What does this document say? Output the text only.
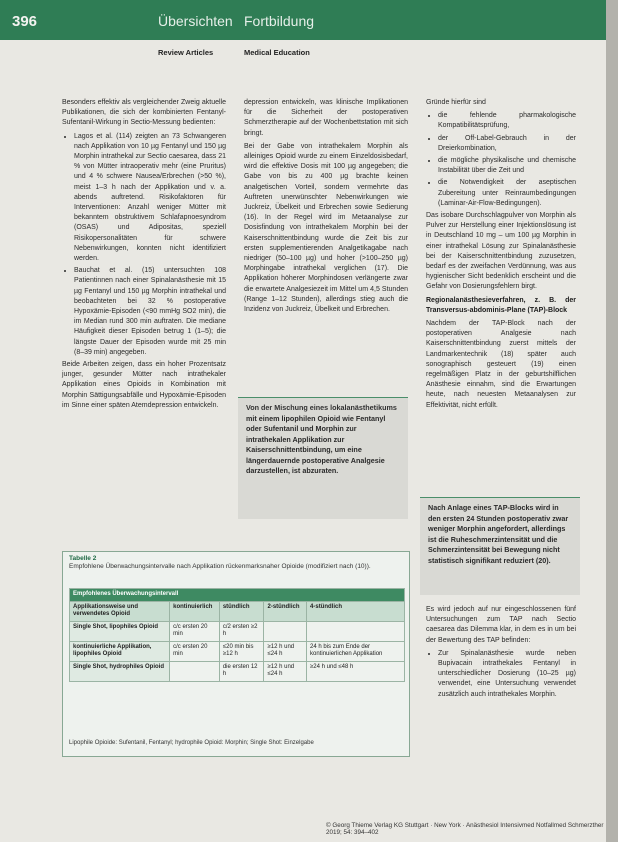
396	Übersichten Fortbildung
Review Articles	Medical Education

Besonders effektiv als vergleichender Zweig aktuelle Publikationen, die sich der kombinierten Fentanyl-Sufentanil-Wirkung in Sectio-Messung bedienten:

• Lagos et al. (114) zeigten an 73 Schwangeren nach Applikation von 10 µg Fentanyl und 150 µg Morphin intrathekal zur Sectio caesarea, dass 21 % von Mütter intraoperativ mehr (eine Pruritus) und 4 % schwere Nausea/Erbrechen (>50 %), meist 1–3 h nach der Applikation und v. a. abends auftretend. Risikofaktoren für Interventionen: Anzahl weniger Mütter mit bekanntem obstruktivem Schlafapnoesyndrom (OSAS) und Adipositas, speziell Risikopersonalitäten für schwere Nebenwirkungen, konnten nicht identifiziert werden.
• Bauchat et al. (15) untersuchten 108 Patientinnen nach einer Spinalanästhesie mit 15 µg Fentanyl und 150 µg Morphin intrathekal und beobachteten bei 32 % postoperative Hypoxämie-Episoden (<90 mmHg SO2 min), die im Median rund 300 min auftraten. Die mediane Häufigkeit dieser Episoden betrug 1 (1–5); die längste Dauer der Episoden wurde mit 25 min (8–39 min) angegeben.

Beide Arbeiten zeigen, dass ein hoher Prozentsatz junger, gesunder Mütter nach intrathekaler Applikation eines Opioids in Kombination mit Morphin Sättigungsabfälle und Hypoxämie-Episoden im Sinne einer späten Atemdepression entwickeln.

depression entwickeln, was klinische Implikationen für die Sicherheit der postoperativen Schmerztherapie auf der Wochenbettstation mit sich bringt.

Bei der Gabe von intrathekalem Morphin als alleiniges Opioid wurde zu einem Einzeldosisbedarf, wird die effektive Dosis mit 100 µg angegeben; die Gabe von bis zu 400 µg brachte keinen analgetischen Vorteil, sondern vermehrte das Auftreten unerwünschter Nebenwirkungen wie Juckreiz, Übelkeit und Erbrechen sowie Sedierung (16). In der Regel wird im Metaanalyse zur Dosisfindung von intrathekalem Morphin bei der Kaiserschnittentbindung wurde die Zeit bis zur ersten supplementierenden Analgetikagabe nach niedriger (50–100 µg) und hoher (>100–250 µg) Morphingabe intrathekal verglichen (17). Die Applikation höherer Morphindosen verlängerte zwar die erwartete Analgesiezeit im Mittel um 4,5 Stunden (Range 1–12 Stunden), allerdings stieg auch die Inzidenz von Juckreiz, Übelkeit und Erbrechen.

Von der Mischung eines lokalanästhetikums mit einem lipophilen Opioid wie Fentanyl oder Sufentanil und Morphin zur intrathekalen Applikation zur Kaiserschnittentbindung, um eine längerdauernde postoperative Analgesie darzustellen, ist abzuraten.

Gründe hierfür sind

• die fehlende pharmakologische Kompatibilitätsprüfung,
• der Off-Label-Gebrauch in der Dreierkombination,
• die mögliche physikalische und chemische Instabilität über die Zeit und
• die Notwendigkeit der aseptischen Zubereitung unter Reinraumbedingungen (Laminar-Air-Flow-Bedingungen).

Das isobare Durchschlagpulver von Morphin als Pulver zur Herstellung einer Injektionslösung ist in Deutschland 10 mg – um 100 µg Morphin in einer intrathekal Lösung zur Spinalanästhesie bei der Kaiserschnittentbindung zuzusetzen, bedarf es der zweifachen Verdünnung, was aus hygienischer Sicht bedenklich erscheint und die Gefahr von Dosierungsfehlern birgt.

Regionalanästhesieverfahren, z. B. der Transversus-abdominis-Plane (TAP)-Block

Nachdem der TAP-Block nach der postoperativen Analgesie nach Kaiserschnittentbindung zuerst mittels der Landmarkentechnik (18) später auch sonographisch gesteuert (19) einen regelmäßigen Platz in der geburtshilflichen Anästhesie einnahm, sind die Erwartungen heute, nach neuesten Metaanalysen zur Effektivität, nicht erfüllt.

Nach Anlage eines TAP-Blocks wird in den ersten 24 Stunden postoperativ zwar weniger Morphin angefordert, allerdings ist die Ruheschmerzintensität und die Schmerzintensität bei Bewegung nicht statistisch signifikant reduziert (20).

Es wird jedoch auf nur eingeschlossenen fünf Untersuchungen zum TAP nach Sectio caesarea das Dilemma klar, in dem es in um bei der Bewertung des TAP befinden:

• Zur Spinalanästhesie wurde neben Bupivacain intrathekales Fentanyl in unterschiedlicher Dosierung (10–25 µg) verwendet, eine Untersuchung verwendet zusätzlich auch intrathekales Morphin.
Tabelle 2
Empfohlene Überwachungsintervalle nach Applikation rückenmarksnaher Opioide (modifiziert nach (10)).
Empfohlenes Überwachungsintervall				
Applikationsweise und verwendetes Opioid	kontinuierlich	stündlich	2-stündlich	4-stündlich
Single Shot, lipophiles Opioid	c/c ersten 20 min	c/2 ersten ≥2 h		
kontinuierliche Applikation, lipophiles Opioid	c/c ersten 20 min	≤20 min bis ≥12 h	≥12 h und ≤24 h	24 h bis zum Ende der kontinuierlichen Applikation
Single Shot, hydrophiles Opioid		die ersten 12 h	≥12 h und ≤24 h	≥24 h und ≤48 h
Lipophile Opioide: Sufentanil, Fentanyl; hydrophile Opioid: Morphin; Single Shot: Einzelgabe
© Georg Thieme Verlag KG Stuttgart · New York · Anästhesiol Intensivmed Notfallmed Schmerzther 2019; 54: 394–402
